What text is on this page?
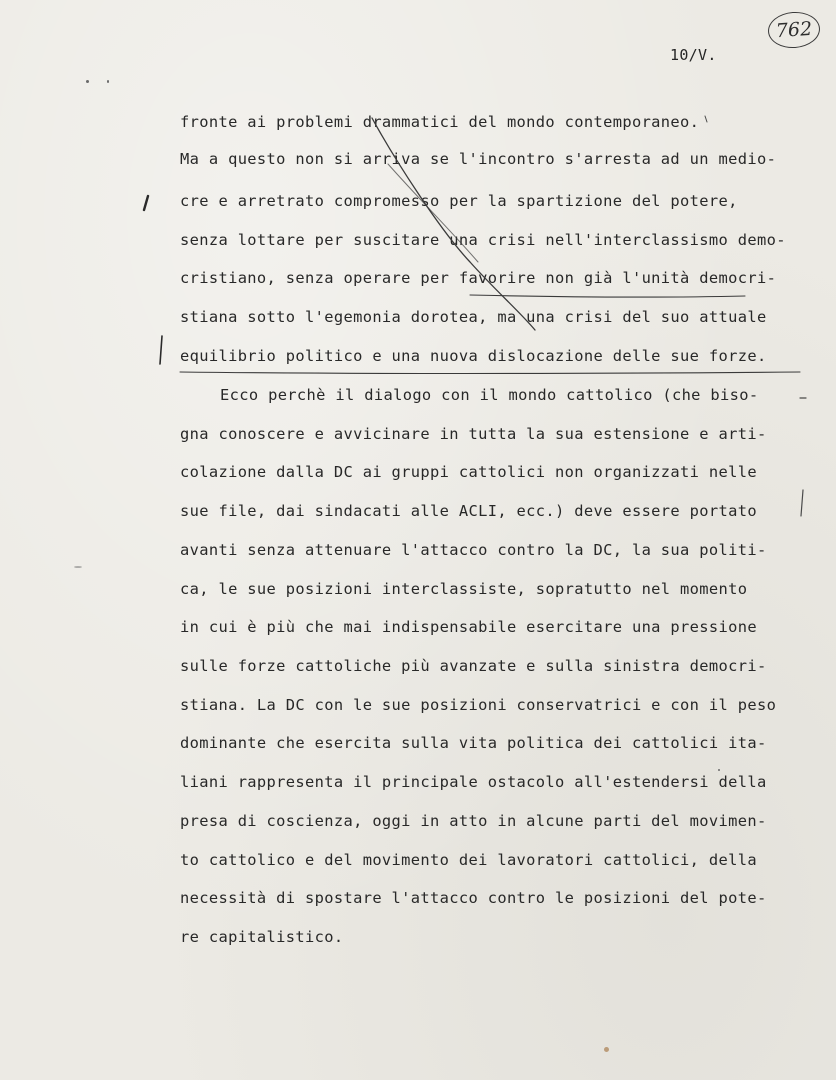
762
10/V.
fronte ai problemi drammatici del mondo contemporaneo.
Ma a questo non si arriva se l'incontro s'arresta ad un medio-
cre e arretrato compromesso per la spartizione del potere,
senza lottare per suscitare una crisi nell'interclassismo demo-
cristiano, senza operare per favorire non già l'unità democri-
stiana sotto l'egemonia dorotea, ma una crisi del suo attuale
equilibrio politico e una nuova dislocazione delle sue forze.
Ecco perchè il dialogo con il mondo cattolico (che biso-
gna conoscere e avvicinare in tutta la sua estensione e arti-
colazione dalla DC ai gruppi cattolici non organizzati nelle
sue file, dai sindacati alle ACLI, ecc.) deve essere portato
avanti senza attenuare l'attacco contro la DC, la sua politi-
ca, le sue posizioni interclassiste, sopratutto nel momento
in cui è più che mai indispensabile esercitare una pressione
sulle forze cattoliche più avanzate e sulla sinistra democri-
stiana. La DC con le sue posizioni conservatrici e con il peso
dominante che esercita sulla vita politica dei cattolici ita-
liani rappresenta il principale ostacolo all'estendersi della
presa di coscienza, oggi in atto in alcune parti del movimen-
to cattolico e del movimento dei lavoratori cattolici, della
necessità di spostare l'attacco contro le posizioni del pote-
re capitalistico.
